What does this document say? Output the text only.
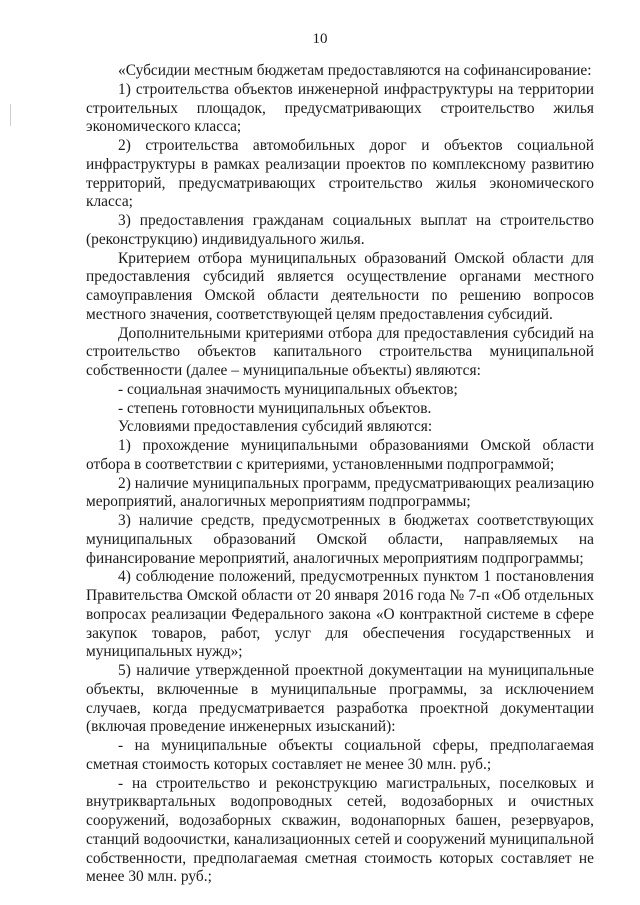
10

«Субсидии местным бюджетам предоставляются на софинансирование:

1) строительства объектов инженерной инфраструктуры на территории строительных площадок, предусматривающих строительство жилья экономического класса;

2) строительства автомобильных дорог и объектов социальной инфраструктуры в рамках реализации проектов по комплексному развитию территорий, предусматривающих строительство жилья экономического класса;

3) предоставления гражданам социальных выплат на строительство (реконструкцию) индивидуального жилья.

Критерием отбора муниципальных образований Омской области для предоставления субсидий является осуществление органами местного самоуправления Омской области деятельности по решению вопросов местного значения, соответствующей целям предоставления субсидий.

Дополнительными критериями отбора для предоставления субсидий на строительство объектов капитального строительства муниципальной собственности (далее – муниципальные объекты) являются:

- социальная значимость муниципальных объектов;

- степень готовности муниципальных объектов.

Условиями предоставления субсидий являются:

1) прохождение муниципальными образованиями Омской области отбора в соответствии с критериями, установленными подпрограммой;

2) наличие муниципальных программ, предусматривающих реализацию мероприятий, аналогичных мероприятиям подпрограммы;

3) наличие средств, предусмотренных в бюджетах соответствующих муниципальных образований Омской области, направляемых на финансирование мероприятий, аналогичных мероприятиям подпрограммы;

4) соблюдение положений, предусмотренных пунктом 1 постановления Правительства Омской области от 20 января 2016 года № 7-п «Об отдельных вопросах реализации Федерального закона «О контрактной системе в сфере закупок товаров, работ, услуг для обеспечения государственных и муниципальных нужд»;

5) наличие утвержденной проектной документации на муниципальные объекты, включенные в муниципальные программы, за исключением случаев, когда предусматривается разработка проектной документации (включая проведение инженерных изысканий):

- на муниципальные объекты социальной сферы, предполагаемая сметная стоимость которых составляет не менее 30 млн. руб.;

- на строительство и реконструкцию магистральных, поселковых и внутриквартальных водопроводных сетей, водозаборных и очистных сооружений, водозаборных скважин, водонапорных башен, резервуаров, станций водоочистки, канализационных сетей и сооружений муниципальной собственности, предполагаемая сметная стоимость которых составляет не менее 30 млн. руб.;
